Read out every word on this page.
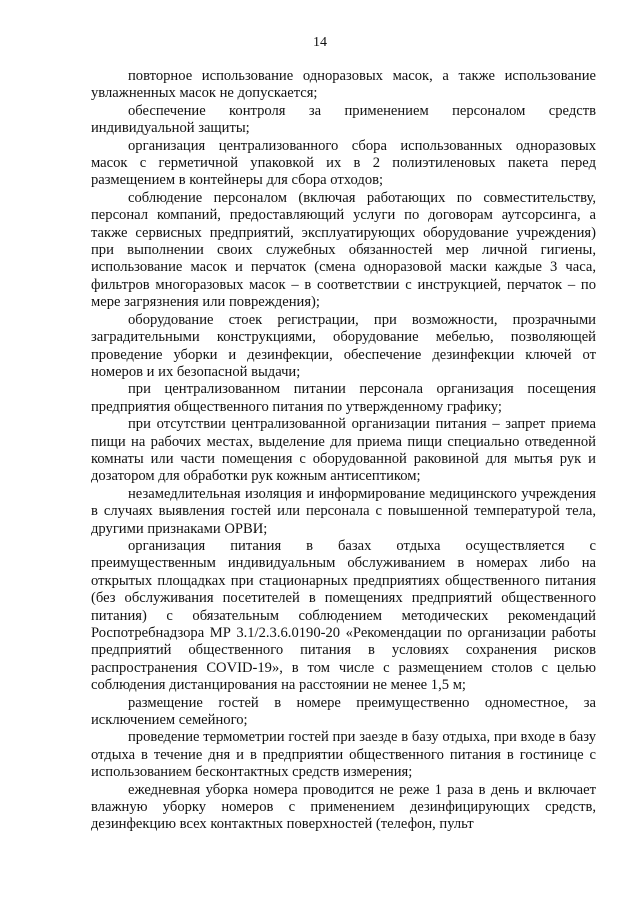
14

повторное использование одноразовых масок, а также использование увлажненных масок не допускается;

обеспечение контроля за применением персоналом средств индивидуальной защиты;

организация централизованного сбора использованных одноразовых масок с герметичной упаковкой их в 2 полиэтиленовых пакета перед размещением в контейнеры для сбора отходов;

соблюдение персоналом (включая работающих по совместительству, персонал компаний, предоставляющий услуги по договорам аутсорсинга, а также сервисных предприятий, эксплуатирующих оборудование учреждения) при выполнении своих служебных обязанностей мер личной гигиены, использование масок и перчаток (смена одноразовой маски каждые 3 часа, фильтров многоразовых масок – в соответствии с инструкцией, перчаток – по мере загрязнения или повреждения);

оборудование стоек регистрации, при возможности, прозрачными заградительными конструкциями, оборудование мебелью, позволяющей проведение уборки и дезинфекции, обеспечение дезинфекции ключей от номеров и их безопасной выдачи;

при централизованном питании персонала организация посещения предприятия общественного питания по утвержденному графику;

при отсутствии централизованной организации питания – запрет приема пищи на рабочих местах, выделение для приема пищи специально отведенной комнаты или части помещения с оборудованной раковиной для мытья рук и дозатором для обработки рук кожным антисептиком;

незамедлительная изоляция и информирование медицинского учреждения в случаях выявления гостей или персонала с повышенной температурой тела, другими признаками ОРВИ;

организация питания в базах отдыха осуществляется с преимущественным индивидуальным обслуживанием в номерах либо на открытых площадках при стационарных предприятиях общественного питания (без обслуживания посетителей в помещениях предприятий общественного питания) с обязательным соблюдением методических рекомендаций Роспотребнадзора МР 3.1/2.3.6.0190-20 «Рекомендации по организации работы предприятий общественного питания в условиях сохранения рисков распространения COVID-19», в том числе с размещением столов с целью соблюдения дистанцирования на расстоянии не менее 1,5 м;

размещение гостей в номере преимущественно одноместное, за исключением семейного;

проведение термометрии гостей при заезде в базу отдыха, при входе в базу отдыха в течение дня и в предприятии общественного питания в гостинице с использованием бесконтактных средств измерения;

ежедневная уборка номера проводится не реже 1 раза в день и включает влажную уборку номеров с применением дезинфицирующих средств, дезинфекцию всех контактных поверхностей (телефон, пульт
